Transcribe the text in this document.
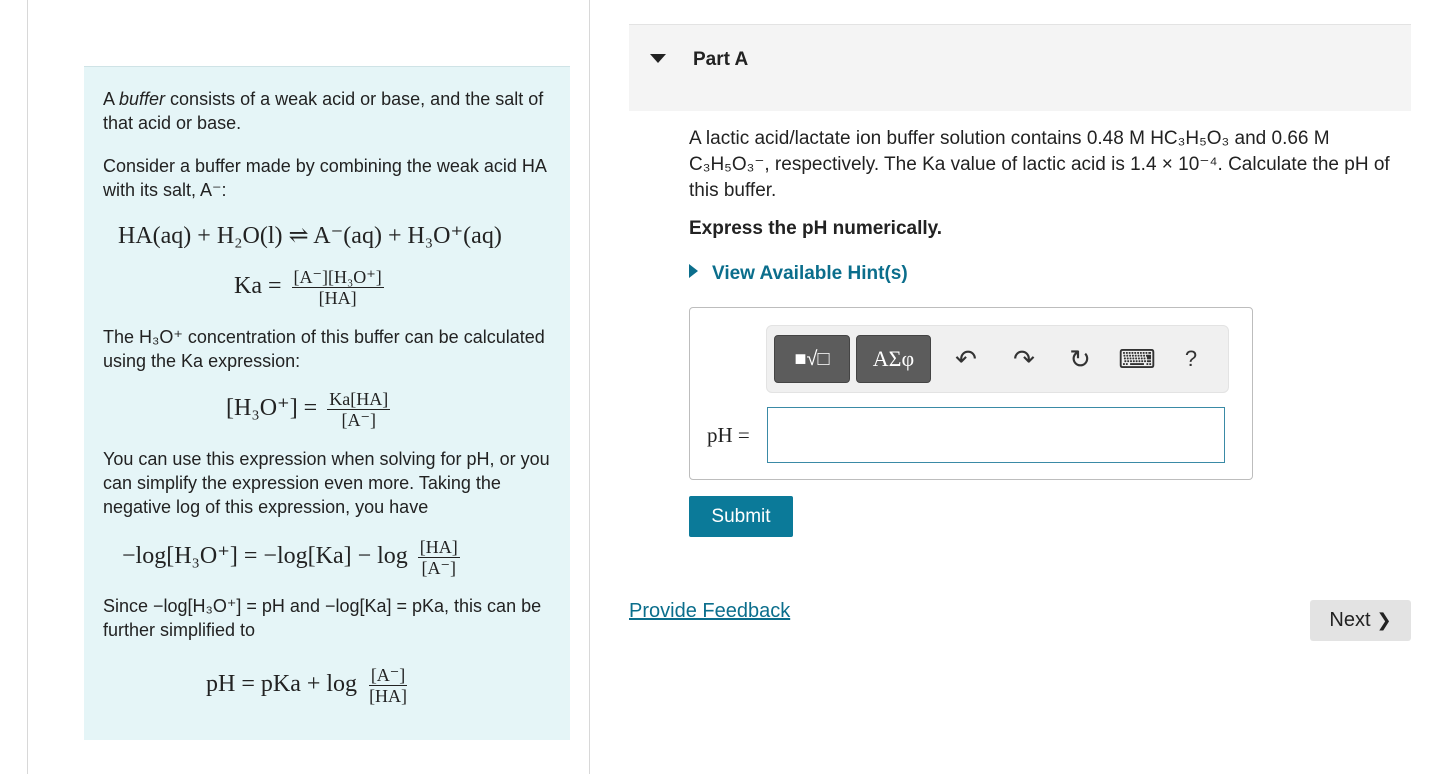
A buffer consists of a weak acid or base, and the salt of that acid or base.
Consider a buffer made by combining the weak acid HA with its salt, A⁻:
HA(aq) + H₂O(l) ⇌ A⁻(aq) + H₃O⁺(aq)
$Ka = \frac{\text{[A⁻][H₃O⁺]}}{[HA]}$
The H₃O⁺ concentration of this buffer can be calculated using the Ka expression:
$[H_3O^+] = \frac{Ka[HA]}{[A^-]}$
You can use this expression when solving for pH, or you can simplify the expression even more. Taking the negative log of this expression, you have
$-\log[H_3O^+] = -\log[Ka] - \log \frac{[HA]}{[A^-]}$
Since −log[H₃O⁺] = pH and −log[Ka] = pKa, this can be further simplified to
pH = pKa + $\log \frac{[A^-]}{[HA]}$
Part A
A lactic acid/lactate ion buffer solution contains 0.48 M HC₃H₅O₃ and 0.66 M C₃H₅O₃⁻, respectively. The Ka value of lactic acid is 1.4 × 10⁻⁴. Calculate the pH of this buffer.
Express the pH numerically.
View Available Hint(s)
■√□ ΑΣφ ↶ ↷ ↻ ⌨ ?
pH =
Submit
Provide Feedback	Next ❯
